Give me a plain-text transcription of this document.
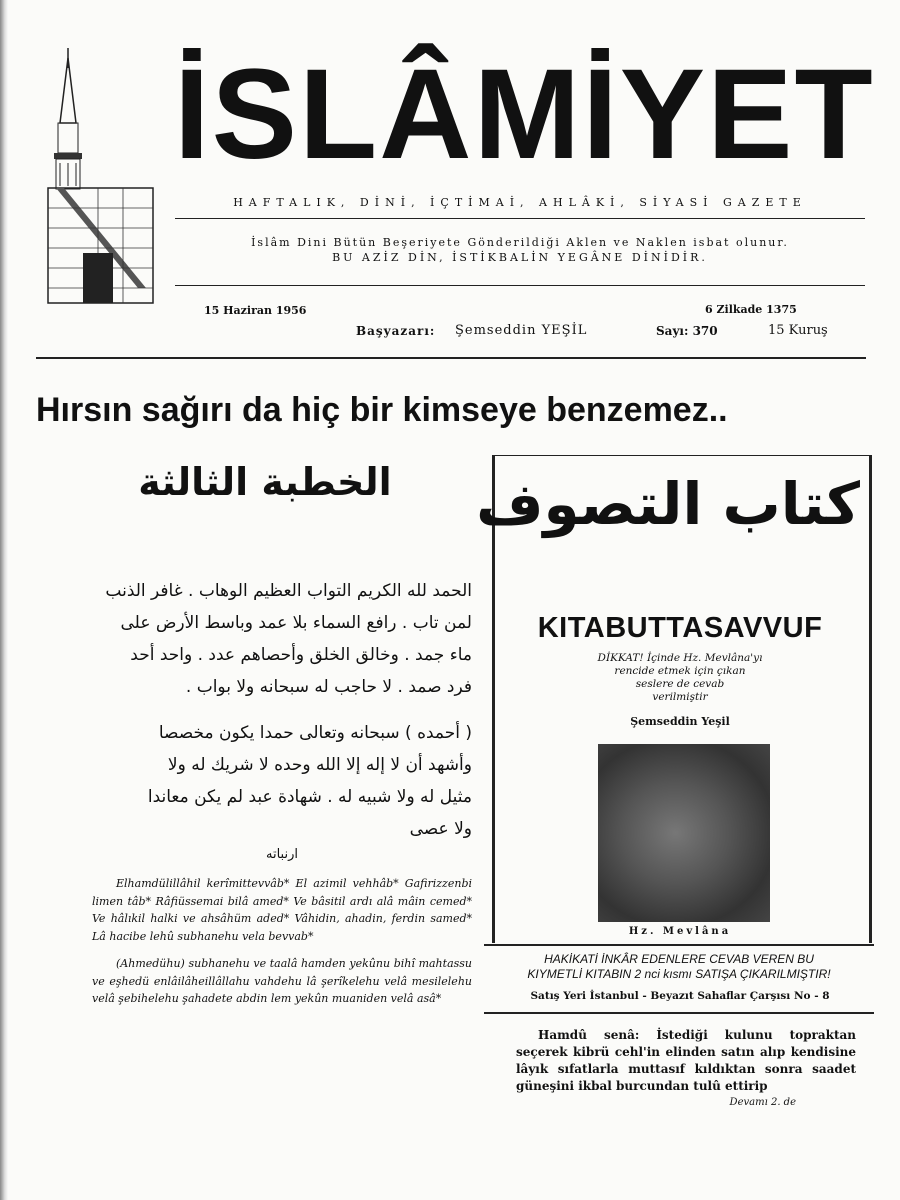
İSLÂMİYET
HAFTALIK, DİNİ, İÇTİMAİ, AHLÂKİ, SİYASİ GAZETE
İslâm Dini Bütün Beşeriyete Gönderildiği Aklen ve Naklen isbat olunur.
BU AZİZ DİN, İSTİKBALİN YEGÂNE DİNİDİR.
15 Haziran 1956	6 Zilkade 1375
Başyazarı: Şemseddin YEŞİL	Sayı: 370	15 Kuruş
Hırsın sağırı da hiç bir kimseye benzemez..
الخطبة الثالثة
الحمد لله الكريم التواب العظيم الوهاب . غافر الذنب
لمن تاب . رافع السماء بلا عمد وباسط الأرض على
ماء جمد . وخالق الخلق وأحصاهم عدد . واحد أحد
فرد صمد . لا حاجب له سبحانه ولا بواب .
( أحمده ) سبحانه وتعالى حمدا يكون مخصصا
وأشهد أن لا إله إلا الله وحده لا شريك له ولا
مثيل له ولا شبيه له . شهادة عبد لم يكن معاندا
ولا عصى
ارنباته
Elhamdülillâhil kerîmittevvâb* El azimil vehhâb* Gafirizzenbi limen tâb* Râfiüssemai bilâ amed* Ve bâsitil ardı alâ mâin cemed* Ve hâlıkil halki ve ahsâhüm aded* Vâhidin, ahadin, ferdin samed* Lâ hacibe lehû subhanehu vela bevvab*
(Ahmedühu) subhanehu ve taalâ hamden yekûnu bihî mahtassu ve eşhedü enlâilâheillâllahu vahdehu lâ şerîkelehu velâ mesilelehu velâ şebihelehu şahadete abdin lem yekûn muaniden velâ asâ*
كتاب التصوف
KITABUTTASAVVUF
DİKKAT! İçinde Hz. Mevlâna'yı
rencide etmek için çıkan
seslere de cevab
verilmiştir
Şemseddin Yeşil
Hz. Mevlâna
HAKİKATİ İNKÂR EDENLERE CEVAB VEREN BU
KIYMETLİ KITABIN 2 nci kısmı SATIŞA ÇIKARILMIŞTIR!
Satış Yeri İstanbul - Beyazıt Sahaflar Çarşısı No - 8
Hamdû senâ: İstediği kulunu topraktan seçerek kibrü cehl'in elinden satın alıp kendisine lâyık sıfatlarla muttasıf kıldıktan sonra saadet güneşini ikbal burcundan tulû ettirip
Devamı 2. de
